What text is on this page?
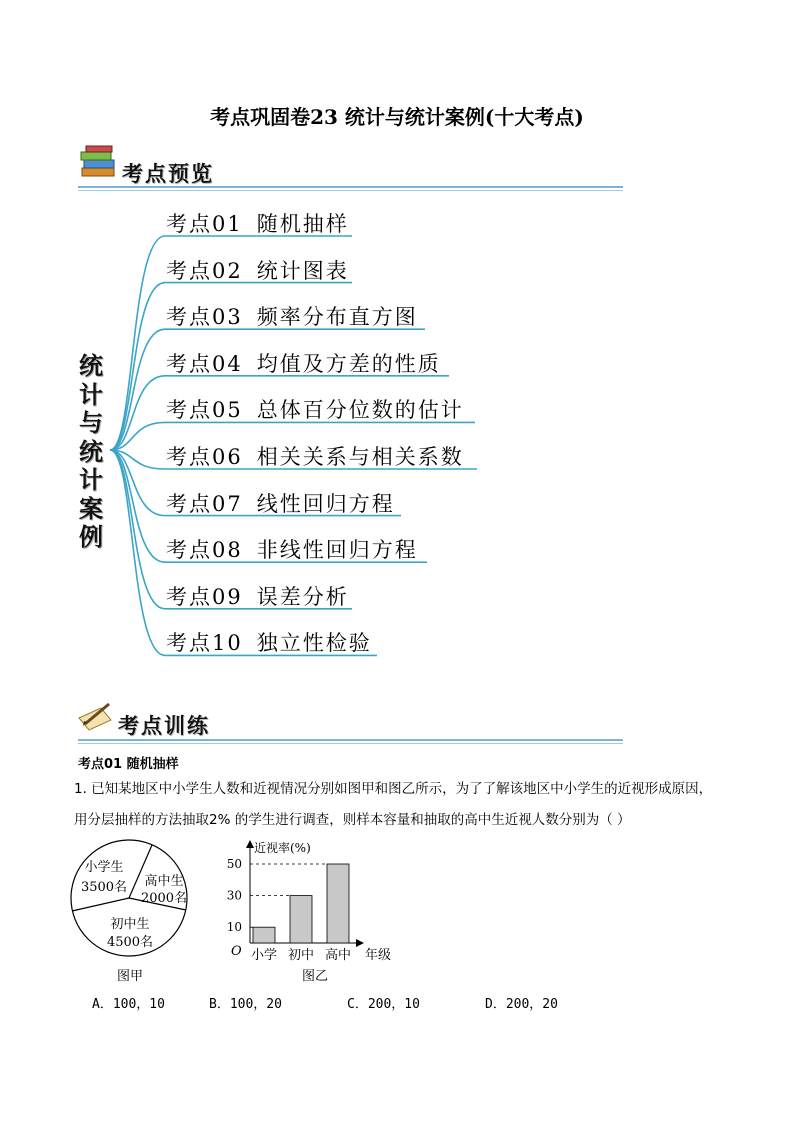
考点巩固卷23 统计与统计案例(十大考点)
考点预览
统
计
与
统
计
案
例
考点01 随机抽样
考点02 统计图表
考点03 频率分布直方图
考点04 均值及方差的性质
考点05 总体百分位数的估计
考点06 相关关系与相关系数
考点07 线性回归方程
考点08 非线性回归方程
考点09 误差分析
考点10 独立性检验
考点训练
考点01 随机抽样
1. 已知某地区中小学生人数和近视情况分别如图甲和图乙所示，为了了解该地区中小学生的近视形成原因，
用分层抽样的方法抽取2% 的学生进行调查，则样本容量和抽取的高中生近视人数分别为（ ）
小学生
3500名 高中生
2000名
初中生
4500名
图甲
近视率(%)
年级
O 小学 初中 高中
10
30
50
图乙
A．100，10	B．100，20	C．200，10	D．200，20
